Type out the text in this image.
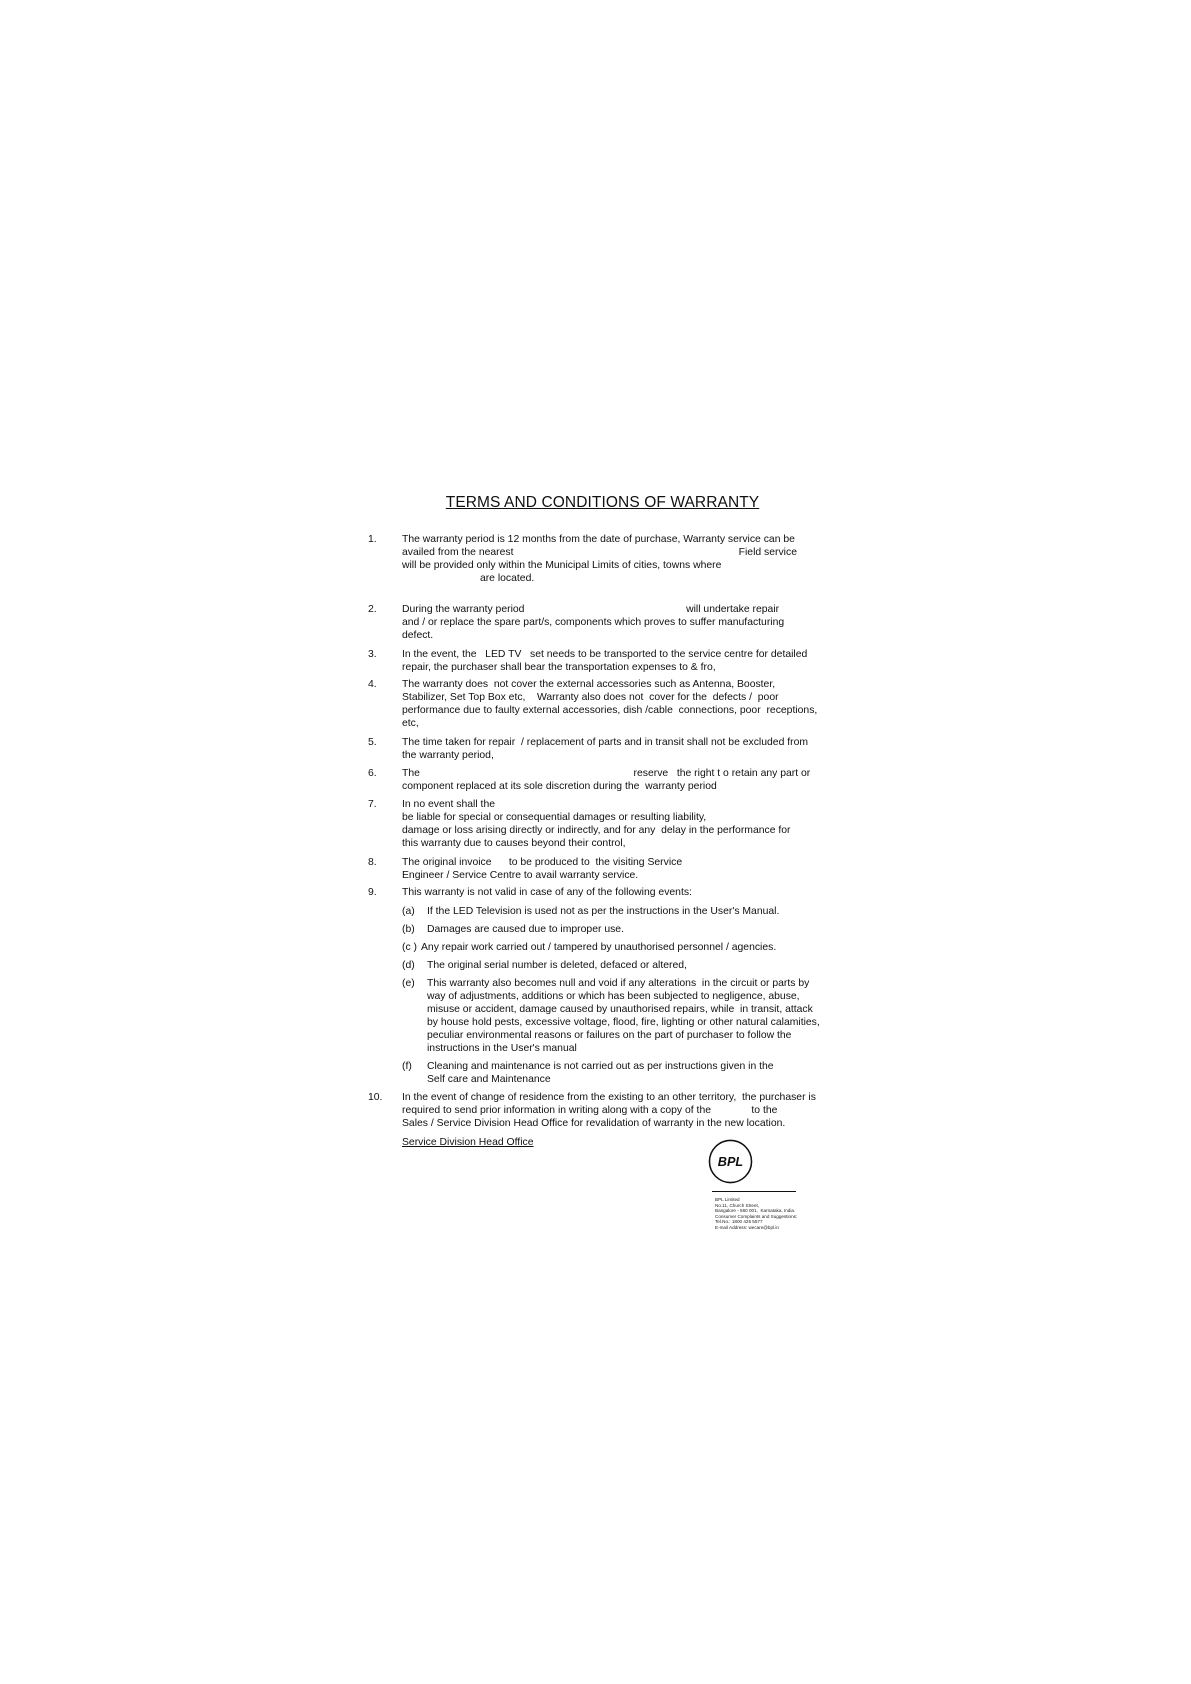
TERMS AND CONDITIONS OF WARRANTY
1. The warranty period is 12 months from the date of purchase, Warranty service can be
availed from the nearest                                                                              Field service
will be provided only within the Municipal Limits of cities, towns where
are located.
2. During the warranty period                                                        will undertake repair
and / or replace the spare part/s, components which proves to suffer manufacturing
defect.
3. In the event, the   LED TV   set needs to be transported to the service centre for detailed
repair, the purchaser shall bear the transportation expenses to & fro,
4. The warranty does  not cover the external accessories such as Antenna, Booster,
Stabilizer, Set Top Box etc,    Warranty also does not  cover for the  defects /  poor
performance due to faulty external accessories, dish /cable  connections, poor  receptions,
etc,
5. The time taken for repair  / replacement of parts and in transit shall not be excluded from
the warranty period,
6. The                                                                          reserve   the right t o retain any part or
component replaced at its sole discretion during the  warranty period
7. In no event shall the
be liable for special or consequential damages or resulting liability,
damage or loss arising directly or indirectly, and for any  delay in the performance for
this warranty due to causes beyond their control,
8. The original invoice      to be produced to  the visiting Service
Engineer / Service Centre to avail warranty service.
9. This warranty is not valid in case of any of the following events:
(a) If the LED Television is used not as per the instructions in the User's Manual.
(b) Damages are caused due to improper use.
(c ) Any repair work carried out / tampered by unauthorised personnel / agencies.
(d) The original serial number is deleted, defaced or altered,
(e) This warranty also becomes null and void if any alterations  in the circuit or parts by
way of adjustments, additions or which has been subjected to negligence, abuse,
misuse or accident, damage caused by unauthorised repairs, while  in transit, attack
by house hold pests, excessive voltage, flood, fire, lighting or other natural calamities,
peculiar environmental reasons or failures on the part of purchaser to follow the
instructions in the User's manual
(f) Cleaning and maintenance is not carried out as per instructions given in the
Self care and Maintenance
10. In the event of change of residence from the existing to an other territory,  the purchaser is
required to send prior information in writing along with a copy of the              to the
Sales / Service Division Head Office for revalidation of warranty in the new location.
Service Division Head Office
BPL
BPL Limited
No.11, Church Street,
Bangalore - 560 001,  Karnataka, India.
Consumer Complaints and Suggestions:
Tel.No.: 1800 425 5577
E-mail Address: wecare@bpl.in
